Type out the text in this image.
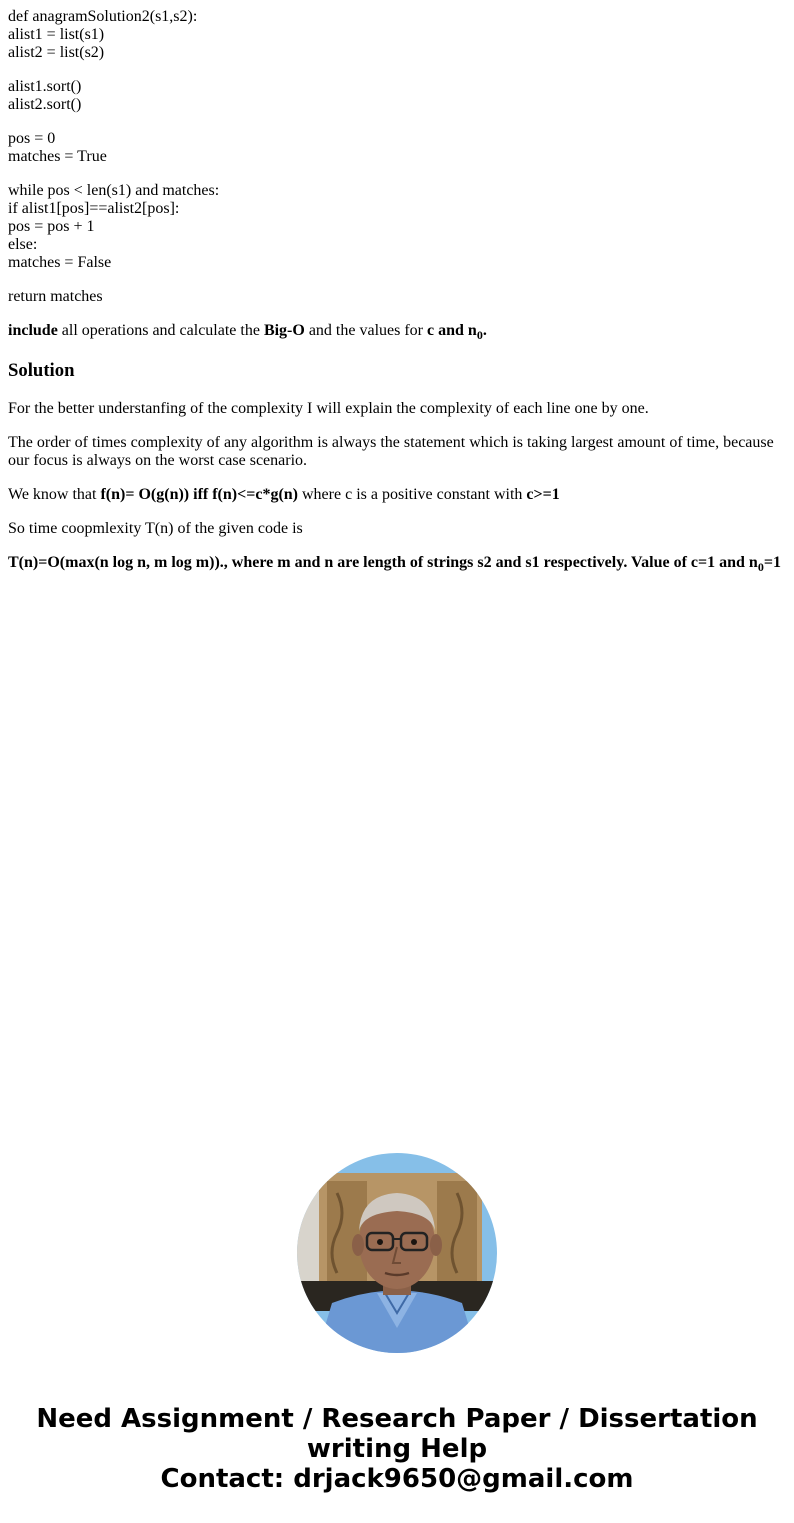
def anagramSolution2(s1,s2):
alist1 = list(s1)
alist2 = list(s2)
alist1.sort()
alist2.sort()
pos = 0
matches = True
while pos < len(s1) and matches:
if alist1[pos]==alist2[pos]:
pos = pos + 1
else:
matches = False
return matches

include all operations and calculate the Big-O and the values for c and $n_0$.

Solution

For the better understanfing of the complexity I will explain the complexity of each line one by one.

The order of times complexity of any algorithm is always the statement which is taking largest amount of time, because our focus is always on the worst case scenario.

We know that f(n)= O(g(n)) iff f(n)<=c*g(n) where c is a positive constant with c>=1

So time coopmlexity T(n) of the given code is

T(n)=O(max(n log n, m log m))., where m and n are length of strings s2 and s1 respectively. Value of c=1 and $n_0=1$

Need Assignment / Research Paper / Dissertation
writing Help
Contact: drjack9650@gmail.com
